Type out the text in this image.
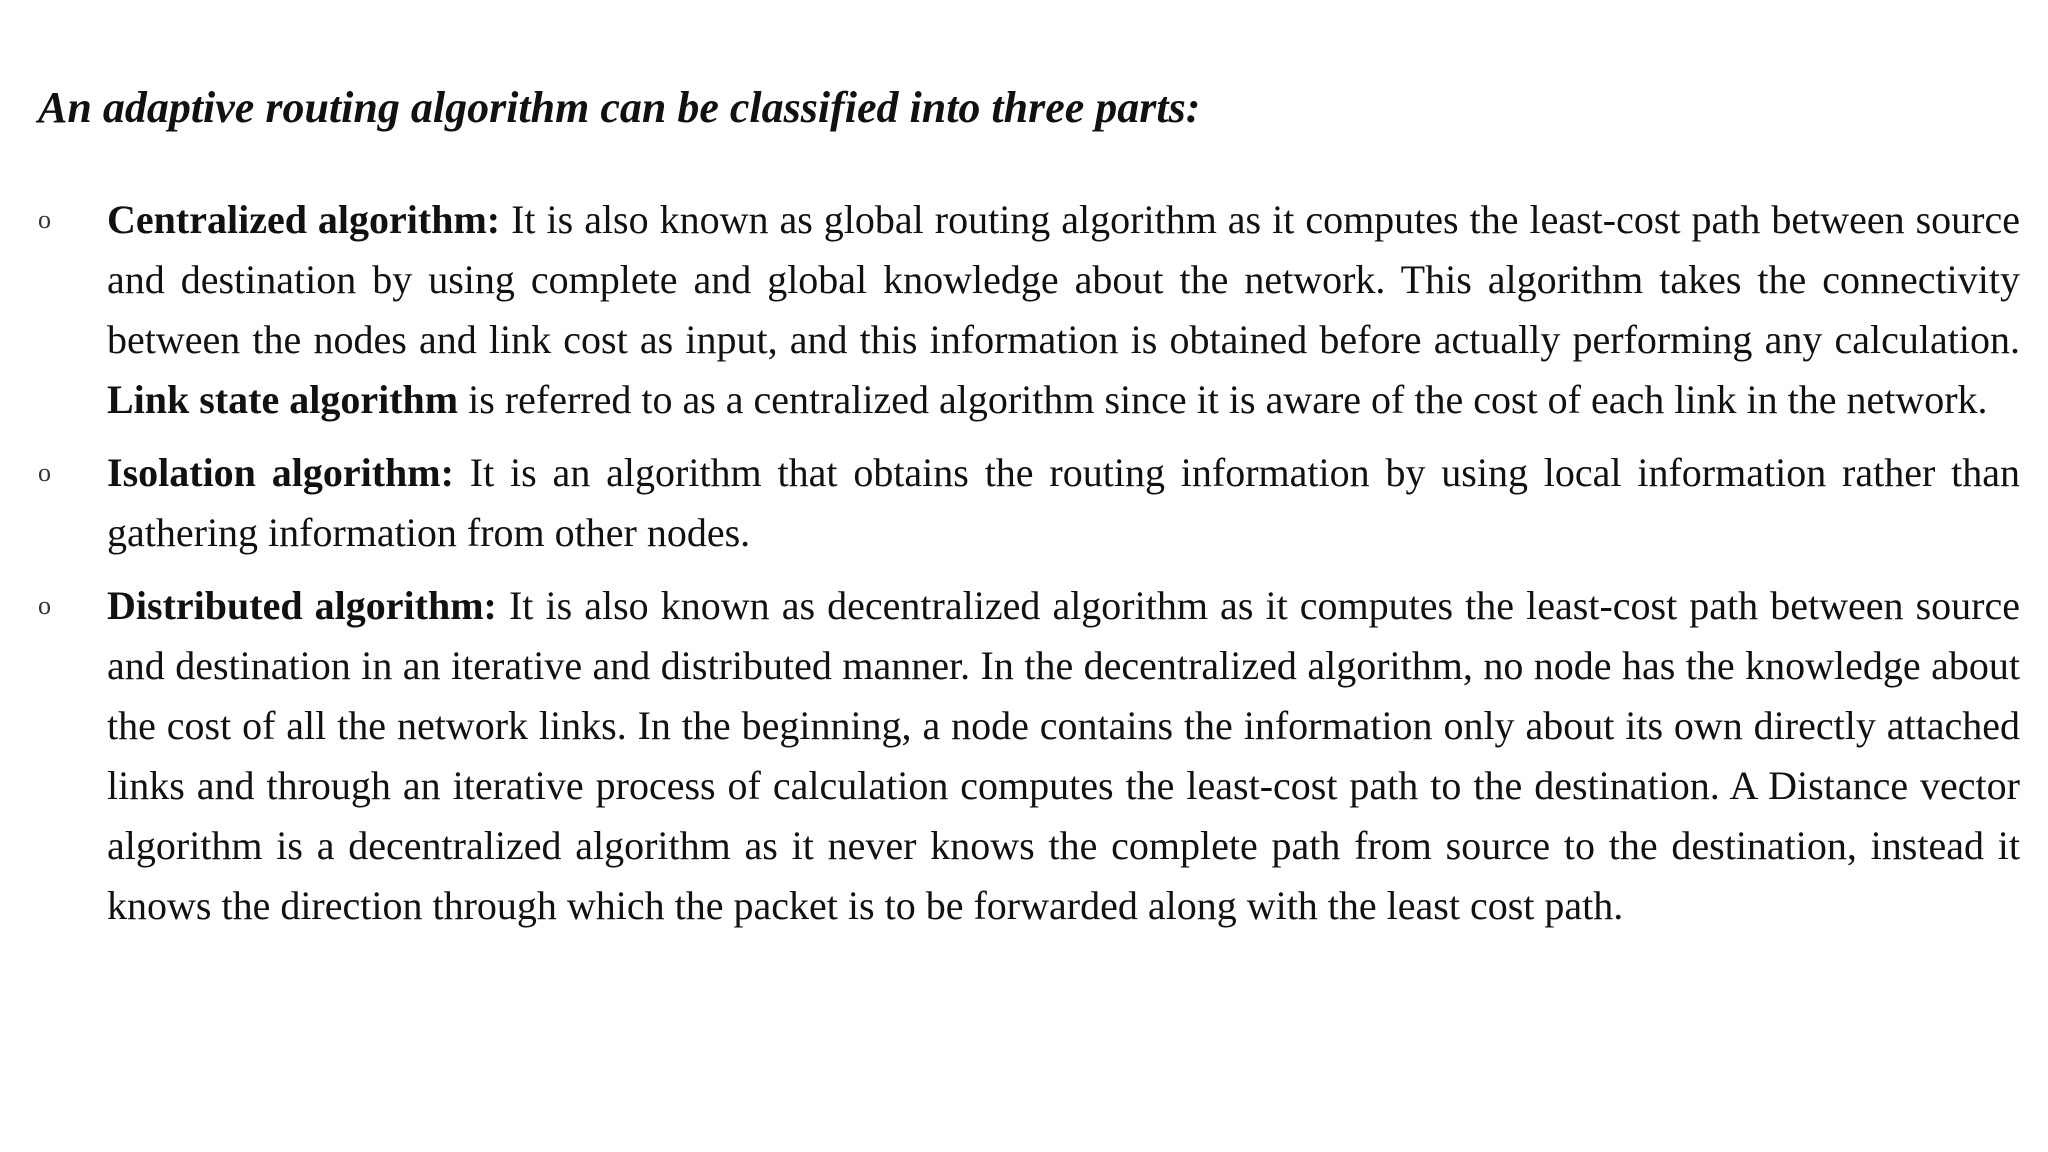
An adaptive routing algorithm can be classified into three parts:
o Centralized algorithm: It is also known as global routing algorithm as it computes the least-cost path between source and destination by using complete and global knowledge about the network. This algorithm takes the connectivity between the nodes and link cost as input, and this information is obtained before actually performing any calculation. Link state algorithm is referred to as a centralized algorithm since it is aware of the cost of each link in the network.
o Isolation algorithm: It is an algorithm that obtains the routing information by using local information rather than gathering information from other nodes.
o Distributed algorithm: It is also known as decentralized algorithm as it computes the least-cost path between source and destination in an iterative and distributed manner. In the decentralized algorithm, no node has the knowledge about the cost of all the network links. In the beginning, a node contains the information only about its own directly attached links and through an iterative process of calculation computes the least-cost path to the destination. A Distance vector algorithm is a decentralized algorithm as it never knows the complete path from source to the destination, instead it knows the direction through which the packet is to be forwarded along with the least cost path.
